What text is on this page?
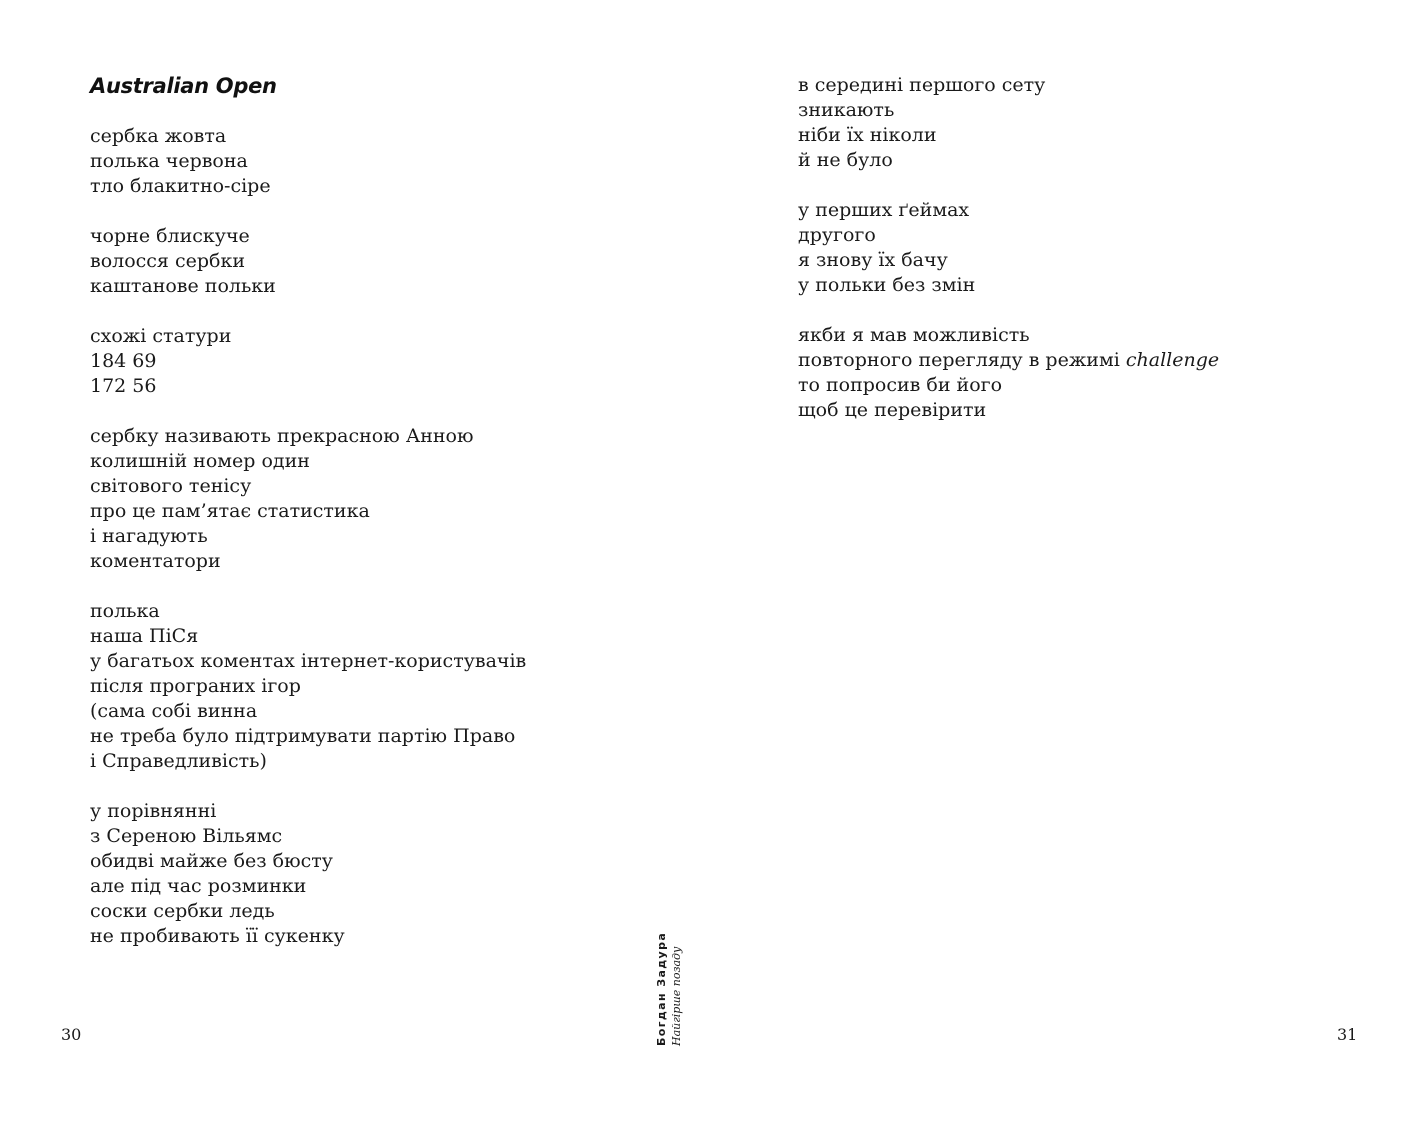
Australian Open
сербка жовта
полька червона
тло блакитно-сіре
чорне блискуче
волосся сербки
каштанове польки
схожі статури
184 69
172 56
сербку називають прекрасною Анною
колишній номер один
світового тенісу
про це пам’ятає статистика
і нагадують
коментатори
полька
наша ПіСя
у багатьох коментах інтернет-користувачів
після програних ігор
(сама собі винна
не треба було підтримувати партію Право
і Справедливість)
у порівнянні
з Сереною Вільямс
обидві майже без бюсту
але під час розминки
соски сербки ледь
не пробивають її сукенку
в середині першого сету
зникають
ніби їх ніколи
й не було
у перших ґеймах
другого
я знову їх бачу
у польки без змін
якби я мав можливість
повторного перегляду в режимі challenge
то попросив би його
щоб це перевірити
30	31
Богдан Задура Найгірше позаду
